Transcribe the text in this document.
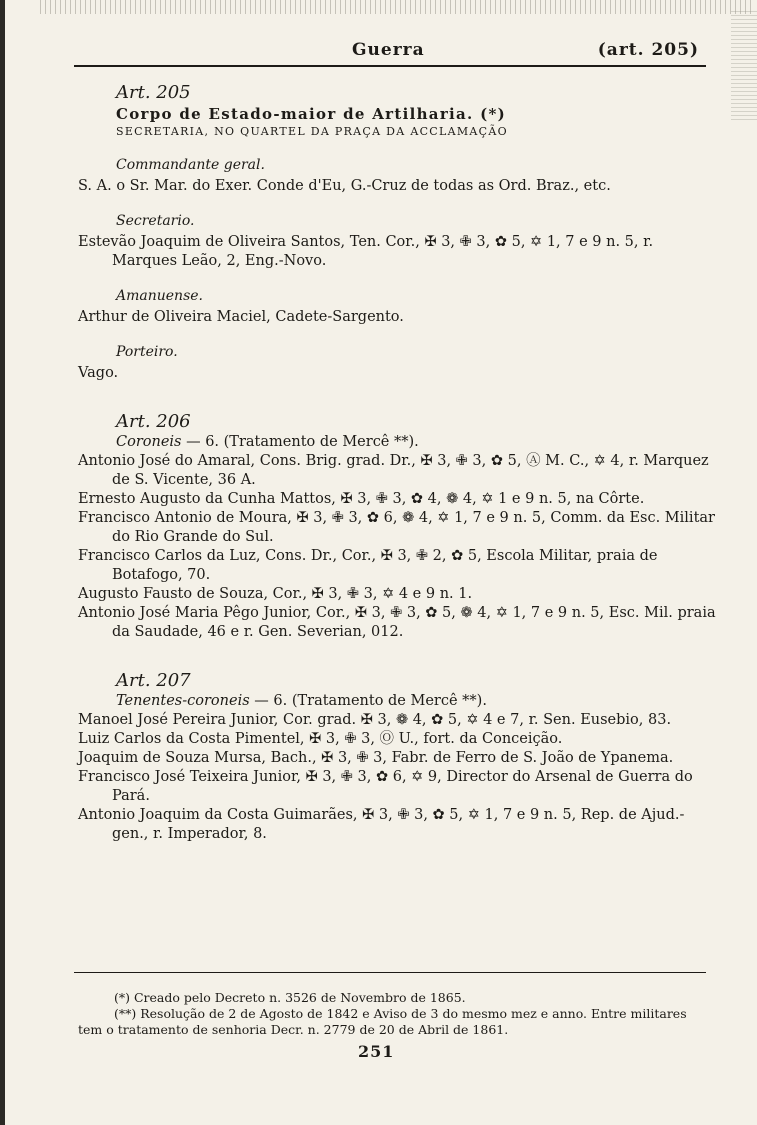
Guerra	(art. 205)
Art. 205
Corpo de Estado-maior de Artilharia. (*)
SECRETARIA, NO QUARTEL DA PRAÇA DA ACCLAMAÇÃO
Commandante geral.

S. A. o Sr. Mar. do Exer. Conde d'Eu, G.-Cruz de todas as Ord. Braz., etc.

Secretario.

Estevão Joaquim de Oliveira Santos, Ten. Cor., ✠ 3, ✙ 3, ✿ 5, ✡ 1, 7 e 9 n. 5, r. Marques Leão, 2, Eng.-Novo.

Amanuense.

Arthur de Oliveira Maciel, Cadete-Sargento.

Porteiro.

Vago.

Art. 206
Coroneis — 6. (Tratamento de Mercê **).

Antonio José do Amaral, Cons. Brig. grad. Dr., ✠ 3, ✙ 3, ✿ 5, Ⓐ M. C., ✡ 4, r. Marquez de S. Vicente, 36 A.

Ernesto Augusto da Cunha Mattos, ✠ 3, ✙ 3, ✿ 4, ❁ 4, ✡ 1 e 9 n. 5, na Côrte.

Francisco Antonio de Moura, ✠ 3, ✙ 3, ✿ 6, ❁ 4, ✡ 1, 7 e 9 n. 5, Comm. da Esc. Militar do Rio Grande do Sul.

Francisco Carlos da Luz, Cons. Dr., Cor., ✠ 3, ✙ 2, ✿ 5, Escola Militar, praia de Botafogo, 70.

Augusto Fausto de Souza, Cor., ✠ 3, ✙ 3, ✡ 4 e 9 n. 1.

Antonio José Maria Pêgo Junior, Cor., ✠ 3, ✙ 3, ✿ 5, ❁ 4, ✡ 1, 7 e 9 n. 5, Esc. Mil. praia da Saudade, 46 e r. Gen. Severian, 012.

Art. 207
Tenentes-coroneis — 6. (Tratamento de Mercê **).

Manoel José Pereira Junior, Cor. grad. ✠ 3, ❁ 4, ✿ 5, ✡ 4 e 7, r. Sen. Eusebio, 83.

Luiz Carlos da Costa Pimentel, ✠ 3, ✙ 3, Ⓞ U., fort. da Conceição.

Joaquim de Souza Mursa, Bach., ✠ 3, ✙ 3, Fabr. de Ferro de S. João de Ypanema.

Francisco José Teixeira Junior, ✠ 3, ✙ 3, ✿ 6, ✡ 9, Director do Arsenal de Guerra do Pará.

Antonio Joaquim da Costa Guimarães, ✠ 3, ✙ 3, ✿ 5, ✡ 1, 7 e 9 n. 5, Rep. de Ajud.-gen., r. Imperador, 8.

(*) Creado pelo Decreto n. 3526 de Novembro de 1865.
(**) Resolução de 2 de Agosto de 1842 e Aviso de 3 do mesmo mez e anno. Entre militares tem o tratamento de senhoria Decr. n. 2779 de 20 de Abril de 1861.
251
